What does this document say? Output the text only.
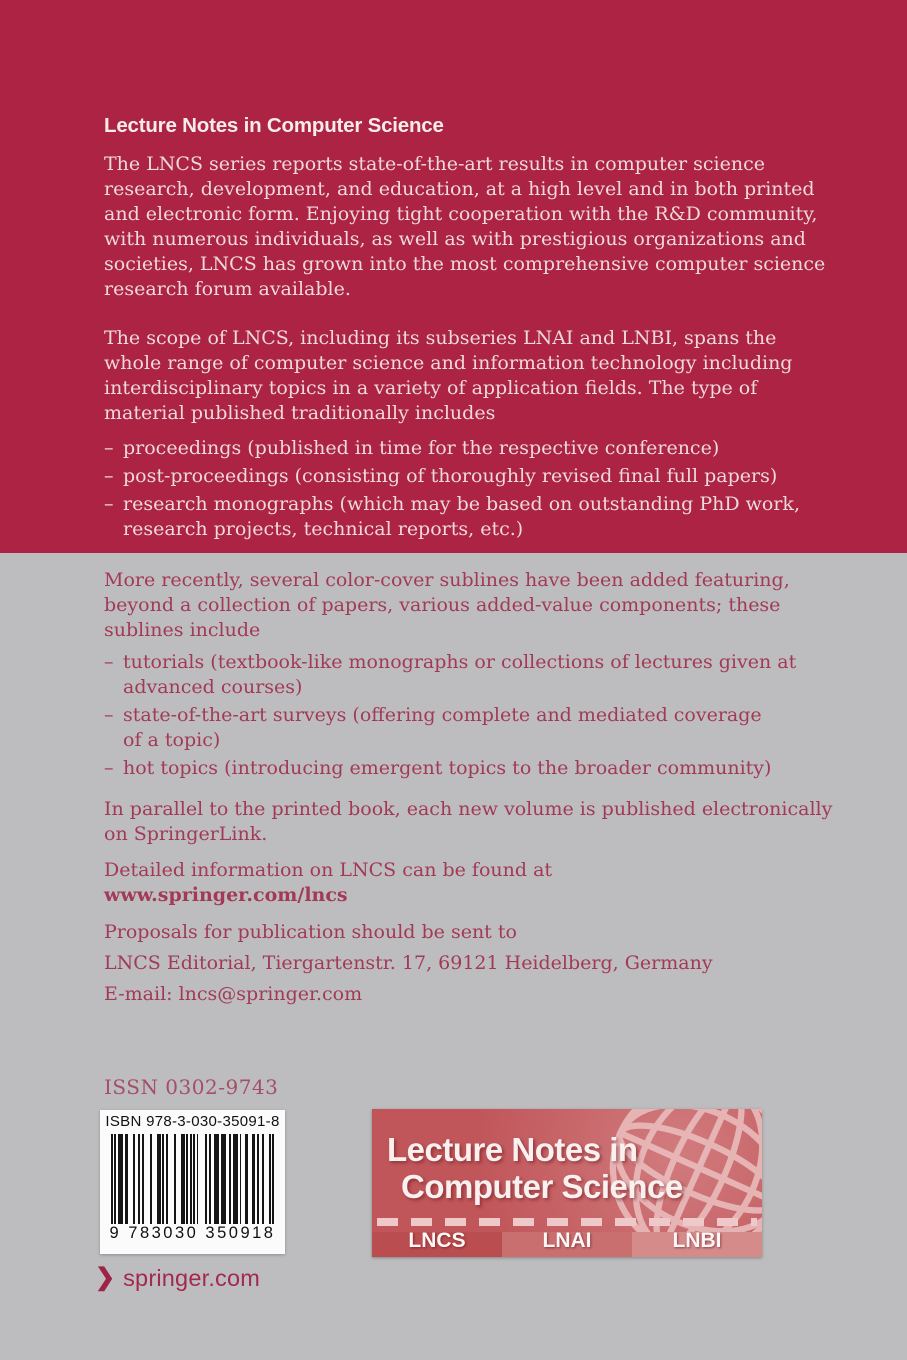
Lecture Notes in Computer Science
The LNCS series reports state-of-the-art results in computer science
research, development, and education, at a high level and in both printed
and electronic form. Enjoying tight cooperation with the R&D community,
with numerous individuals, as well as with prestigious organizations and
societies, LNCS has grown into the most comprehensive computer science
research forum available.
The scope of LNCS, including its subseries LNAI and LNBI, spans the
whole range of computer science and information technology including
interdisciplinary topics in a variety of application fields. The type of
material published traditionally includes
– proceedings (published in time for the respective conference)
– post-proceedings (consisting of thoroughly revised final full papers)
– research monographs (which may be based on outstanding PhD work,
research projects, technical reports, etc.)
More recently, several color-cover sublines have been added featuring,
beyond a collection of papers, various added-value components; these
sublines include
– tutorials (textbook-like monographs or collections of lectures given at
advanced courses)
– state-of-the-art surveys (offering complete and mediated coverage
of a topic)
– hot topics (introducing emergent topics to the broader community)
In parallel to the printed book, each new volume is published electronically
on SpringerLink.
Detailed information on LNCS can be found at
www.springer.com/lncs
Proposals for publication should be sent to
LNCS Editorial, Tiergartenstr. 17, 69121 Heidelberg, Germany
E-mail: lncs@springer.com
ISSN 0302-9743
ISBN 978-3-030-35091-8
9 783030 350918
Lecture Notes in
Computer Science
LNCS	LNAI	LNBI
❯ springer.com
